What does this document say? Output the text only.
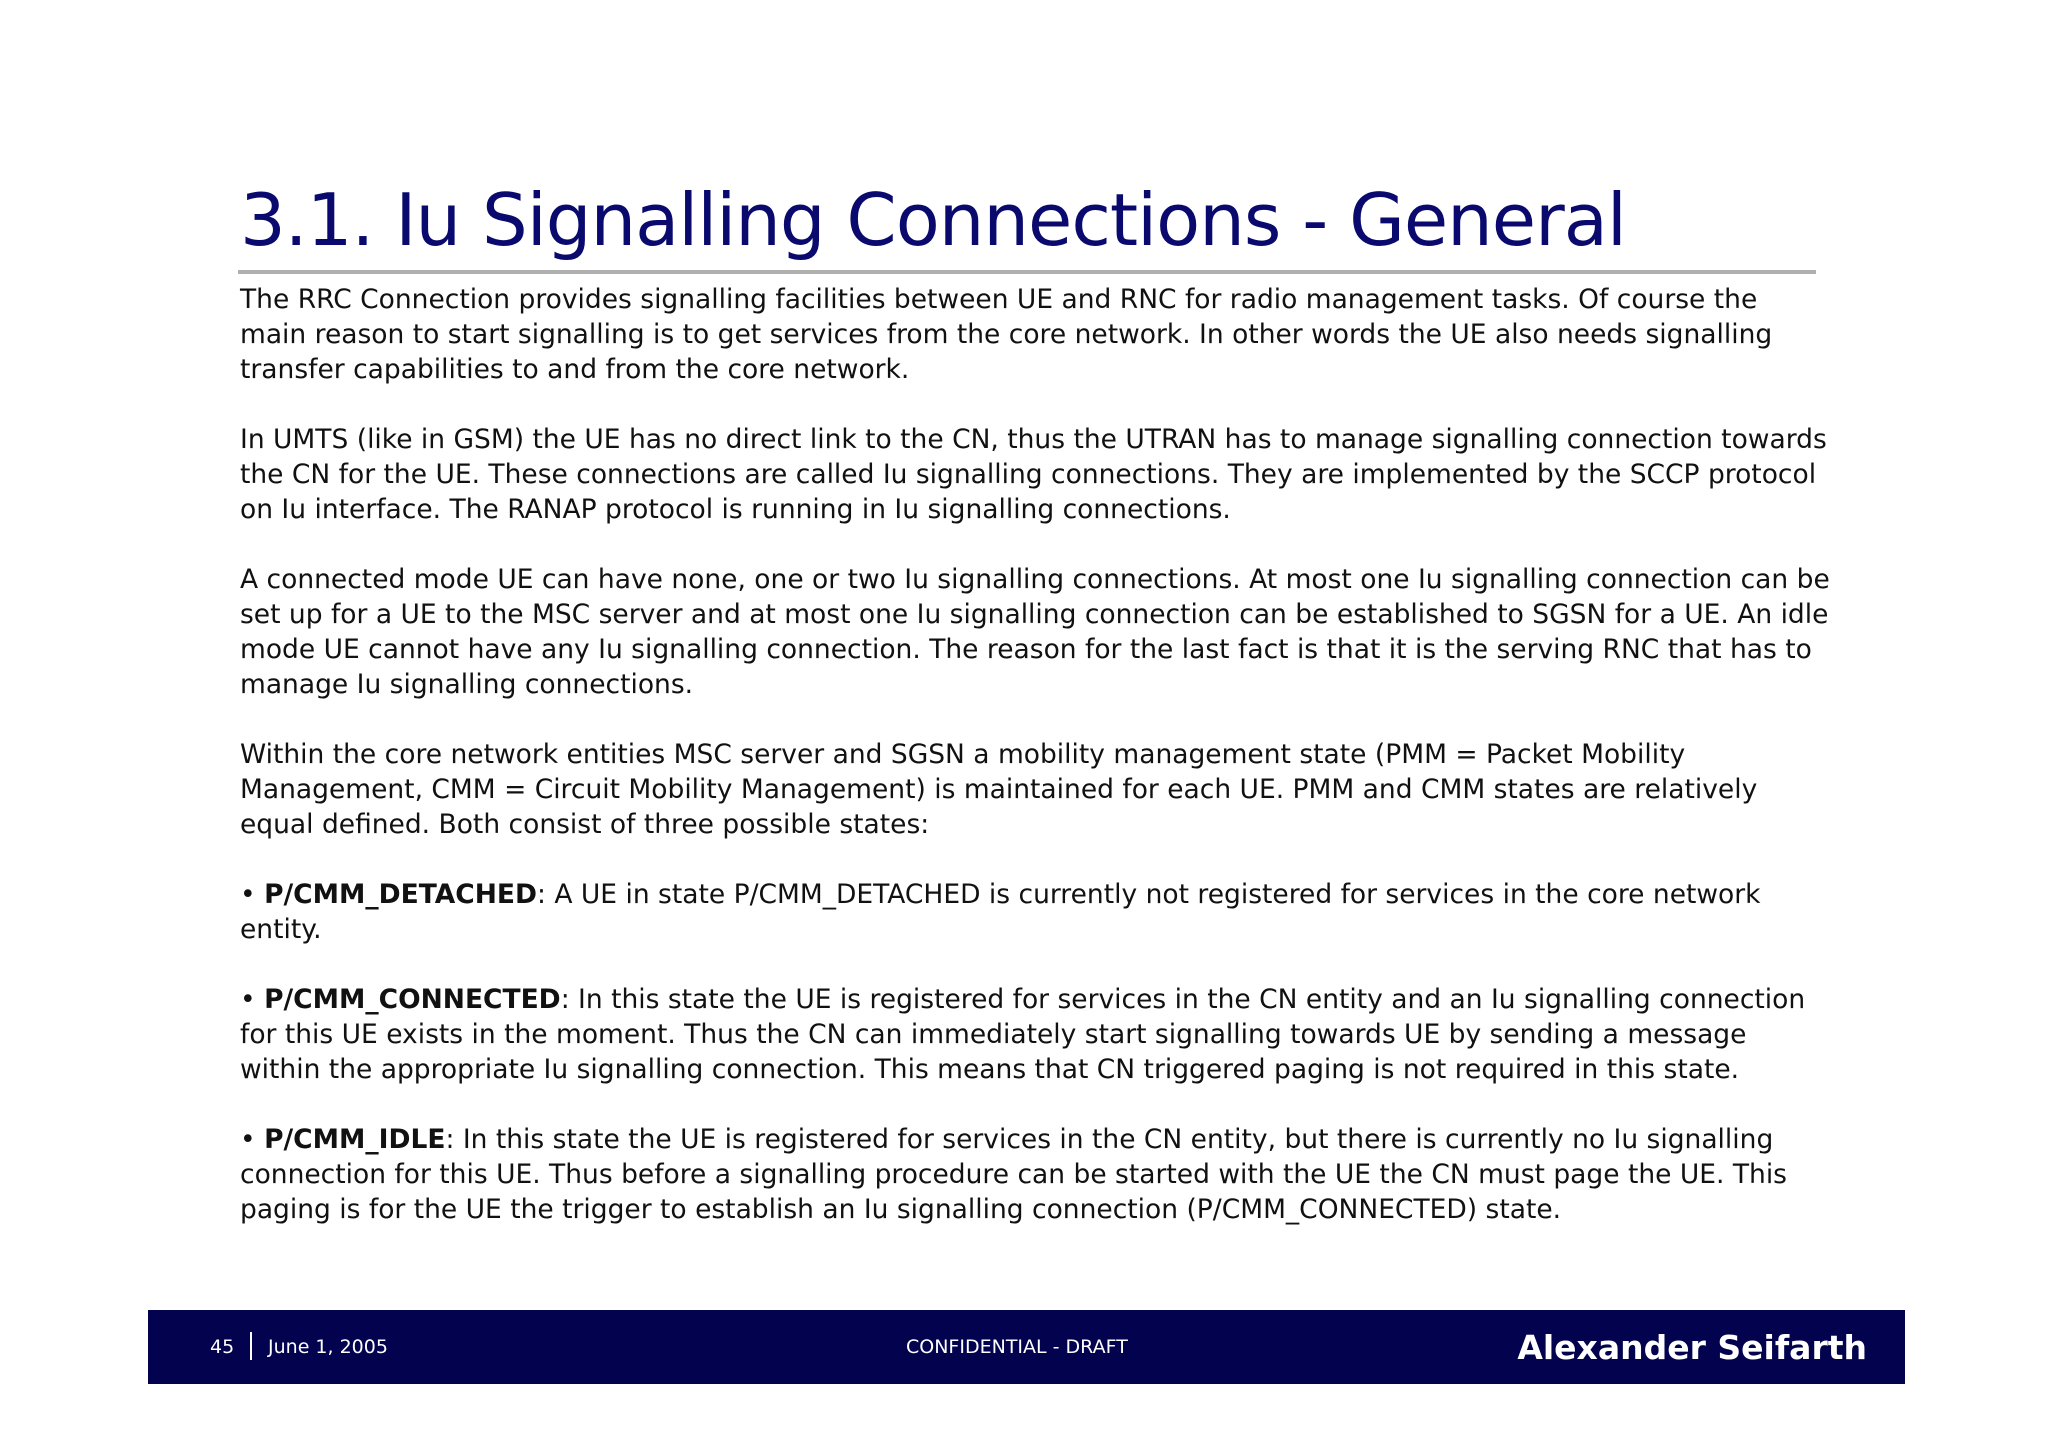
3.1. Iu Signalling Connections - General

The RRC Connection provides signalling facilities between UE and RNC for radio management tasks. Of course the main reason to start signalling is to get services from the core network. In other words the UE also needs signalling transfer capabilities to and from the core network.

In UMTS (like in GSM) the UE has no direct link to the CN, thus the UTRAN has to manage signalling connection towards the CN for the UE. These connections are called Iu signalling connections. They are implemented by the SCCP protocol on Iu interface. The RANAP protocol is running in Iu signalling connections.

A connected mode UE can have none, one or two Iu signalling connections. At most one Iu signalling connection can be set up for a UE to the MSC server and at most one Iu signalling connection can be established to SGSN for a UE. An idle mode UE cannot have any Iu signalling connection. The reason for the last fact is that it is the serving RNC that has to manage Iu signalling connections.

Within the core network entities MSC server and SGSN a mobility management state (PMM = Packet Mobility Management, CMM = Circuit Mobility Management) is maintained for each UE. PMM and CMM states are relatively equal defined. Both consist of three possible states:

• P/CMM_DETACHED: A UE in state P/CMM_DETACHED is currently not registered for services in the core network entity.

• P/CMM_CONNECTED: In this state the UE is registered for services in the CN entity and an Iu signalling connection for this UE exists in the moment. Thus the CN can immediately start signalling towards UE by sending a message within the appropriate Iu signalling connection. This means that CN triggered paging is not required in this state.

• P/CMM_IDLE: In this state the UE is registered for services in the CN entity, but there is currently no Iu signalling connection for this UE. Thus before a signalling procedure can be started with the UE the CN must page the UE. This paging is for the UE the trigger to establish an Iu signalling connection (P/CMM_CONNECTED) state.

45 June 1, 2005	CONFIDENTIAL - DRAFT	Alexander Seifarth
